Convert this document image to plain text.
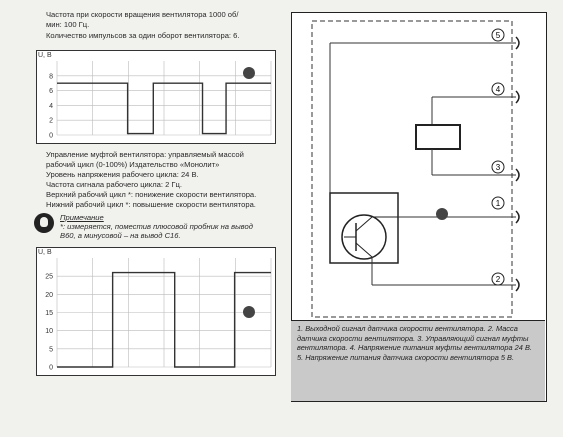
Частота при скорости вращения вентилятора 1000 об/
мин: 100 Гц.
Количество импульсов за один оборот вентилятора: 6.
0
2
4
6
8
U, В
Управление муфтой вентилятора: управляемый массой
рабочий цикл (0-100%) Издательство «Монолит»
Уровень напряжения рабочего цикла: 24 В.
Частота сигнала рабочего цикла: 2 Гц.
Верхний рабочий цикл *: понижение скорости вентилятора.
Нижний рабочий цикл *: повышение скорости вентилятора.
Примечание
*: измеряется, поместив плюсовой пробник на вывод
В60, а минусовой – на вывод С16.
0
5
10
15
20
25
U, В
5
4
3
1
2

1. Выходной сигнал датчика скорости вентилятора. 2. Масса датчика скорости вентилятора. 3. Управляющий сигнал муфты вентилятора. 4. Напряжение питания муфты вентилятора 24 В. 5. Напряжение питания датчика скорости вентилятора 5 В.
